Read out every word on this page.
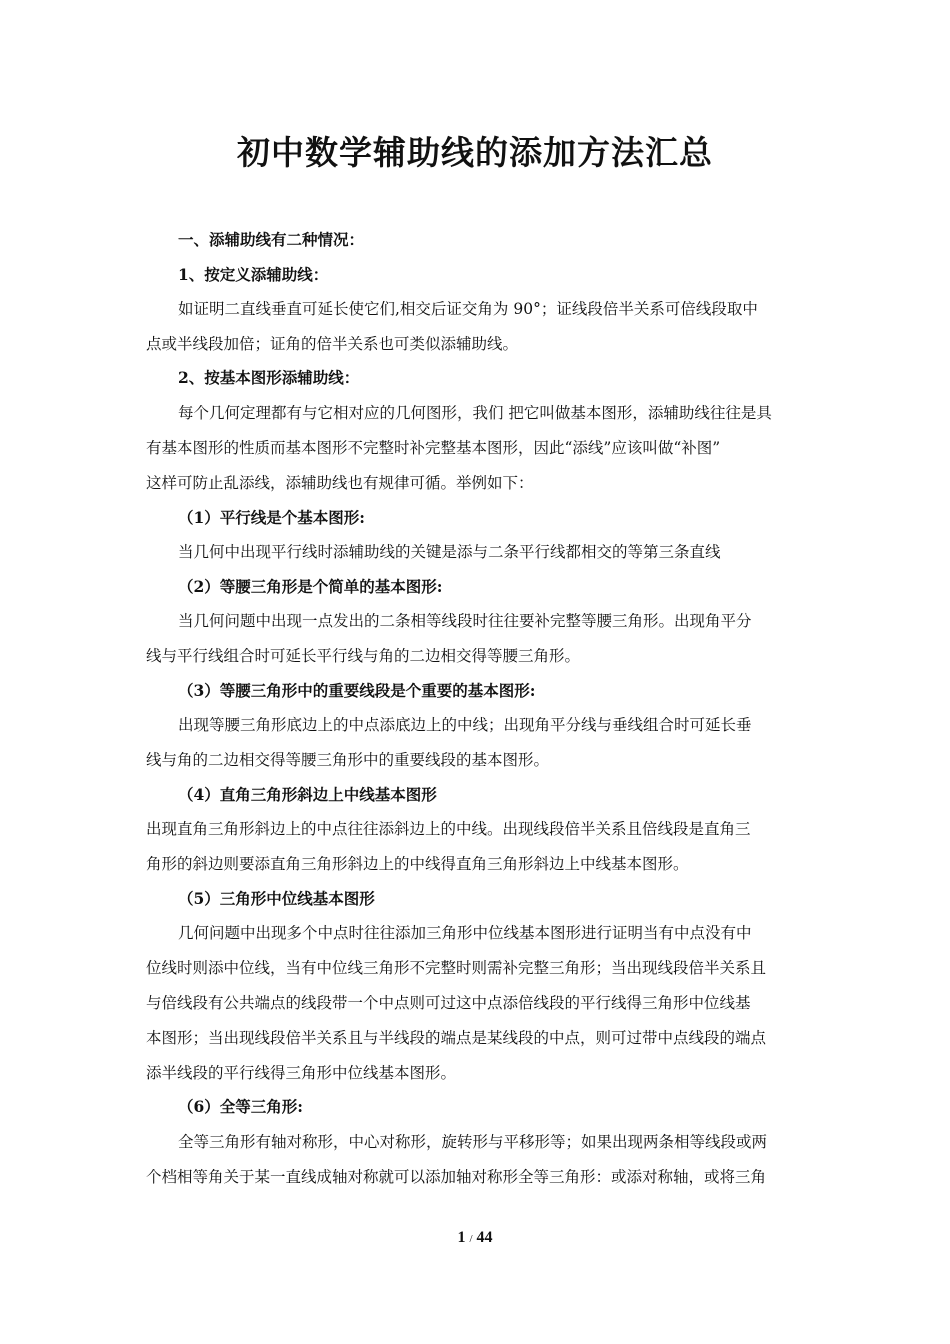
初中数学辅助线的添加方法汇总
一、添辅助线有二种情况：
1、按定义添辅助线：
如证明二直线垂直可延长使它们,相交后证交角为 90°；证线段倍半关系可倍线段取中
点或半线段加倍；证角的倍半关系也可类似添辅助线。
2、按基本图形添辅助线：
每个几何定理都有与它相对应的几何图形，我们 把它叫做基本图形，添辅助线往往是具
有基本图形的性质而基本图形不完整时补完整基本图形，因此“添线”应该叫做“补图”
这样可防止乱添线，添辅助线也有规律可循。举例如下：
（1）平行线是个基本图形:
当几何中出现平行线时添辅助线的关键是添与二条平行线都相交的等第三条直线
（2）等腰三角形是个简单的基本图形:
当几何问题中出现一点发出的二条相等线段时往往要补完整等腰三角形。出现角平分
线与平行线组合时可延长平行线与角的二边相交得等腰三角形。
（3）等腰三角形中的重要线段是个重要的基本图形:
出现等腰三角形底边上的中点添底边上的中线；出现角平分线与垂线组合时可延长垂
线与角的二边相交得等腰三角形中的重要线段的基本图形。
（4）直角三角形斜边上中线基本图形
出现直角三角形斜边上的中点往往添斜边上的中线。出现线段倍半关系且倍线段是直角三
角形的斜边则要添直角三角形斜边上的中线得直角三角形斜边上中线基本图形。
（5）三角形中位线基本图形
几何问题中出现多个中点时往往添加三角形中位线基本图形进行证明当有中点没有中
位线时则添中位线，当有中位线三角形不完整时则需补完整三角形；当出现线段倍半关系且
与倍线段有公共端点的线段带一个中点则可过这中点添倍线段的平行线得三角形中位线基
本图形；当出现线段倍半关系且与半线段的端点是某线段的中点，则可过带中点线段的端点
添半线段的平行线得三角形中位线基本图形。
（6）全等三角形:
全等三角形有轴对称形，中心对称形，旋转形与平移形等；如果出现两条相等线段或两
个档相等角关于某一直线成轴对称就可以添加轴对称形全等三角形：或添对称轴，或将三角
1 / 44
